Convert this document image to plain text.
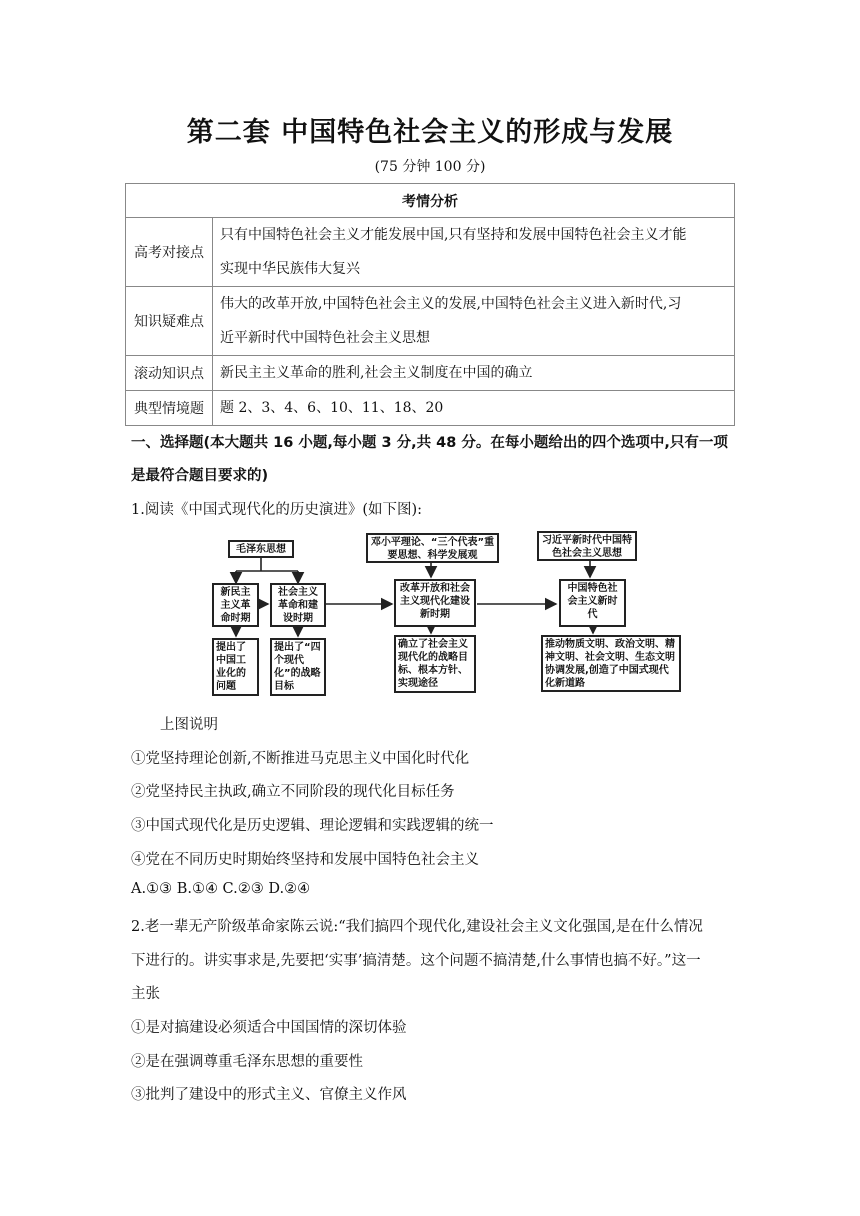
第二套 中国特色社会主义的形成与发展
(75 分钟 100 分)
考情分析	
高考对接点	只有中国特色社会主义才能发展中国,只有坚持和发展中国特色社会主义才能
实现中华民族伟大复兴

知识疑难点	伟大的改革开放,中国特色社会主义的发展,中国特色社会主义进入新时代,习
近平新时代中国特色社会主义思想

滚动知识点	新民主主义革命的胜利,社会主义制度在中国的确立
典型情境题	题 2、3、4、6、10、11、18、20
一、选择题(本大题共 16 小题,每小题 3 分,共 48 分。在每小题给出的四个选项中,只有一项
是最符合题目要求的)
1.阅读《中国式现代化的历史演进》(如下图):
毛泽东思想
新民主主义革命时期
社会主义革命和建设时期
提出了中国工业化的问题
提出了“四个现代化”的战略目标
邓小平理论、“三个代表”重要思想、科学发展观
改革开放和社会主义现代化建设新时期
确立了社会主义现代化的战略目标、根本方针、实现途径
习近平新时代中国特色社会主义思想
中国特色社会主义新时代
推动物质文明、政治文明、精神文明、社会文明、生态文明协调发展,创造了中国式现代化新道路
上图说明
①党坚持理论创新,不断推进马克思主义中国化时代化
②党坚持民主执政,确立不同阶段的现代化目标任务
③中国式现代化是历史逻辑、理论逻辑和实践逻辑的统一
④党在不同历史时期始终坚持和发展中国特色社会主义
A.①③ B.①④ C.②③ D.②④
2.老一辈无产阶级革命家陈云说:“我们搞四个现代化,建设社会主义文化强国,是在什么情况
下进行的。讲实事求是,先要把‘实事’搞清楚。这个问题不搞清楚,什么事情也搞不好。”这一
主张
①是对搞建设必须适合中国国情的深切体验
②是在强调尊重毛泽东思想的重要性
③批判了建设中的形式主义、官僚主义作风
